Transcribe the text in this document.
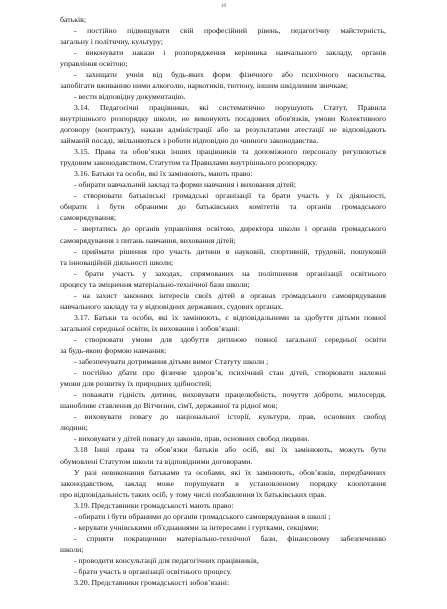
10
батьків;
- постійно підвищувати свій професійний рівень, педагогічну майстерність,
загальну і політичну, культуру;
- виконувати накази і розпорядження керівника навчального закладу, органів
управління освітою;
- захищати учнів від будь-яких форм фізичного або психічного насильства,
запобігати вживанню ними алкоголю, наркотиків, тютюну, іншим шкідливим звичкам;
- вести відповідну документацію.
3.14. Педагогічні працівники, які систематично порушують Статут, Правила
внутрішнього розпорядку школи, не виконують посадових обов'язків, умови Колективного
договору (контракту), накази адміністрації або за результатами атестації не відповідають
займаній посаді, звільняються з роботи відповідно до чинного законодавства.
3.15. Права та обов’язки інших працівників та допоміжного персоналу регулюються
трудовим законодавством, Статутом та Правилами внутрішнього розпорядку.
3.16. Батьки та особи, які їх замінюють, мають право:
- обирати навчальний заклад та форми навчання і виховання дітей;
- створювати батьківські громадські організації та брати участь у їх діяльності,
обирати і бути обраними до батьківських комітетів та органів громадського
самоврядування;
- звертатись до органів управління освітою, директора школи і органів громадського
самоврядування з питань навчання, виховання дітей;
- приймати рішення про участь дитини в науковій, спортивній, трудовій, пошуковій
та інноваційній діяльності школи;
- брати участь у заходах, спрямованих на поліпшення організації освітнього
процесу та зміцнення матеріально-технічної бази школи;
- на захист законних інтересів своїх дітей в органах громадського самоврядування
навчального закладу та у відповідних державних, судових органах.
3.17. Батьки та особи, які їх замінюють, є відповідальними за здобуття дітьми повної
загальної середньої освіти, їх виховання і зобов’язані:
- створювати умови для здобуття дитиною повної загальної середньої освіти
за будь-якою формою навчання;
- забезпечувати дотримання дітьми вимог Статуту школи ;
- постійно дбати про фізичне здоров’я, психічний стан дітей, створювати належні
умови для розвитку їх природних здібностей;
- поважати гідність дитини, виховувати працелюбність, почуття доброти, милосердя,
шанобливе ставлення до Вітчизни, сім'ї, державної та рідної мов;
- виховувати повагу до національної історії, культури, прав, основних свобод
людини;
- виховувати у дітей повагу до законів, прав, основних свобод людини.
3.18 Інші права та обов’язки батьків або осіб, які їх замінюють, можуть бути
обумовлені Статутом школи та відповідними договорами.
У разі невиконання батьками та особами, які їх замінюють, обов’язків, передбачених
законодавством, заклад може порушувати в установленому порядку клопотання
про відповідальність таких осіб, у тому числі позбавлення їх батьківських прав.
3.19. Представники громадськості мають право:
- обирати і бути обраними до органів громадського самоврядування в школі ;
- керувати учнівськими об'єднаннями за інтересами і гуртками, секціями;
- сприяти покращенню матеріально-технічної бази, фінансовому забезпеченню
школи;
- проводити консультації для педагогічних працівників,
- брати участь в організації освітнього процесу.
3.20. Представники громадськості зобов’язані:
